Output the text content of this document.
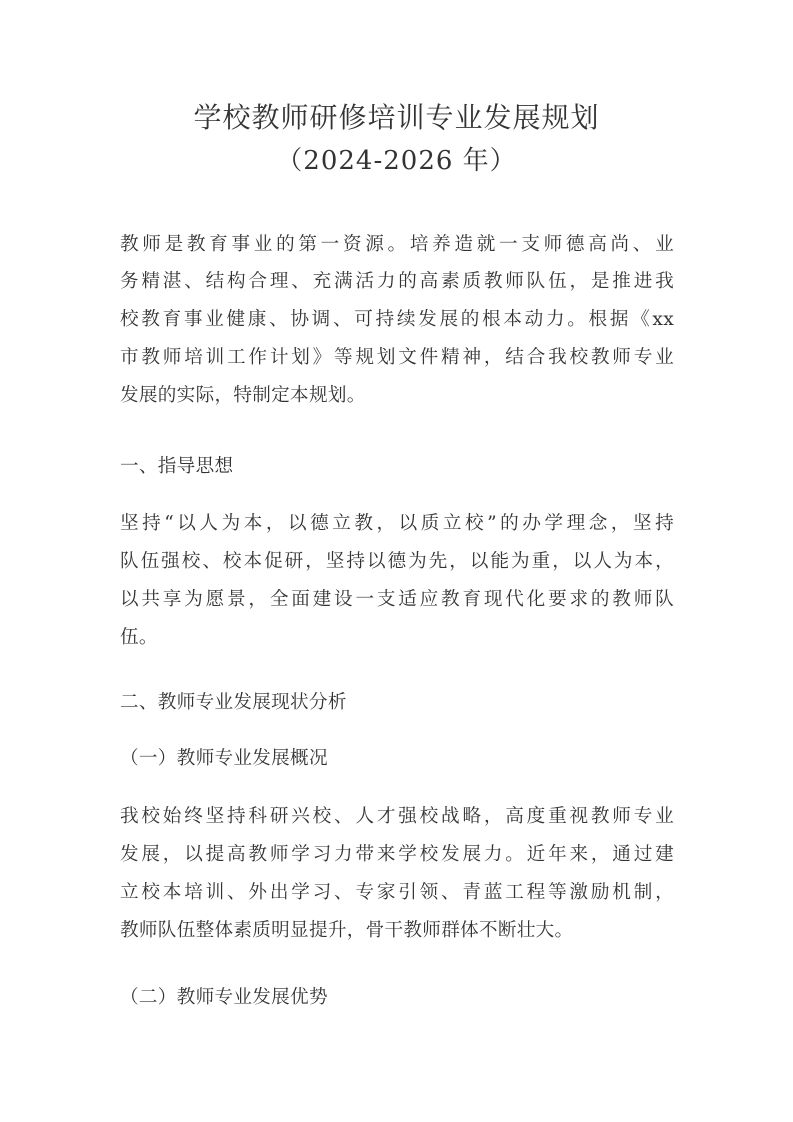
学校教师研修培训专业发展规划
（2024-2026 年）
教师是教育事业的第一资源。培养造就一支师德高尚、业
务精湛、结构合理、充满活力的高素质教师队伍，是推进我
校教育事业健康、协调、可持续发展的根本动力。根据《xx
市教师培训工作计划》等规划文件精神，结合我校教师专业
发展的实际，特制定本规划。
一、指导思想
坚持“以人为本，以德立教，以质立校”的办学理念，坚持
队伍强校、校本促研，坚持以德为先，以能为重，以人为本，
以共享为愿景，全面建设一支适应教育现代化要求的教师队
伍。
二、教师专业发展现状分析
（一）教师专业发展概况
我校始终坚持科研兴校、人才强校战略，高度重视教师专业
发展，以提高教师学习力带来学校发展力。近年来，通过建
立校本培训、外出学习、专家引领、青蓝工程等激励机制，
教师队伍整体素质明显提升，骨干教师群体不断壮大。
（二）教师专业发展优势
